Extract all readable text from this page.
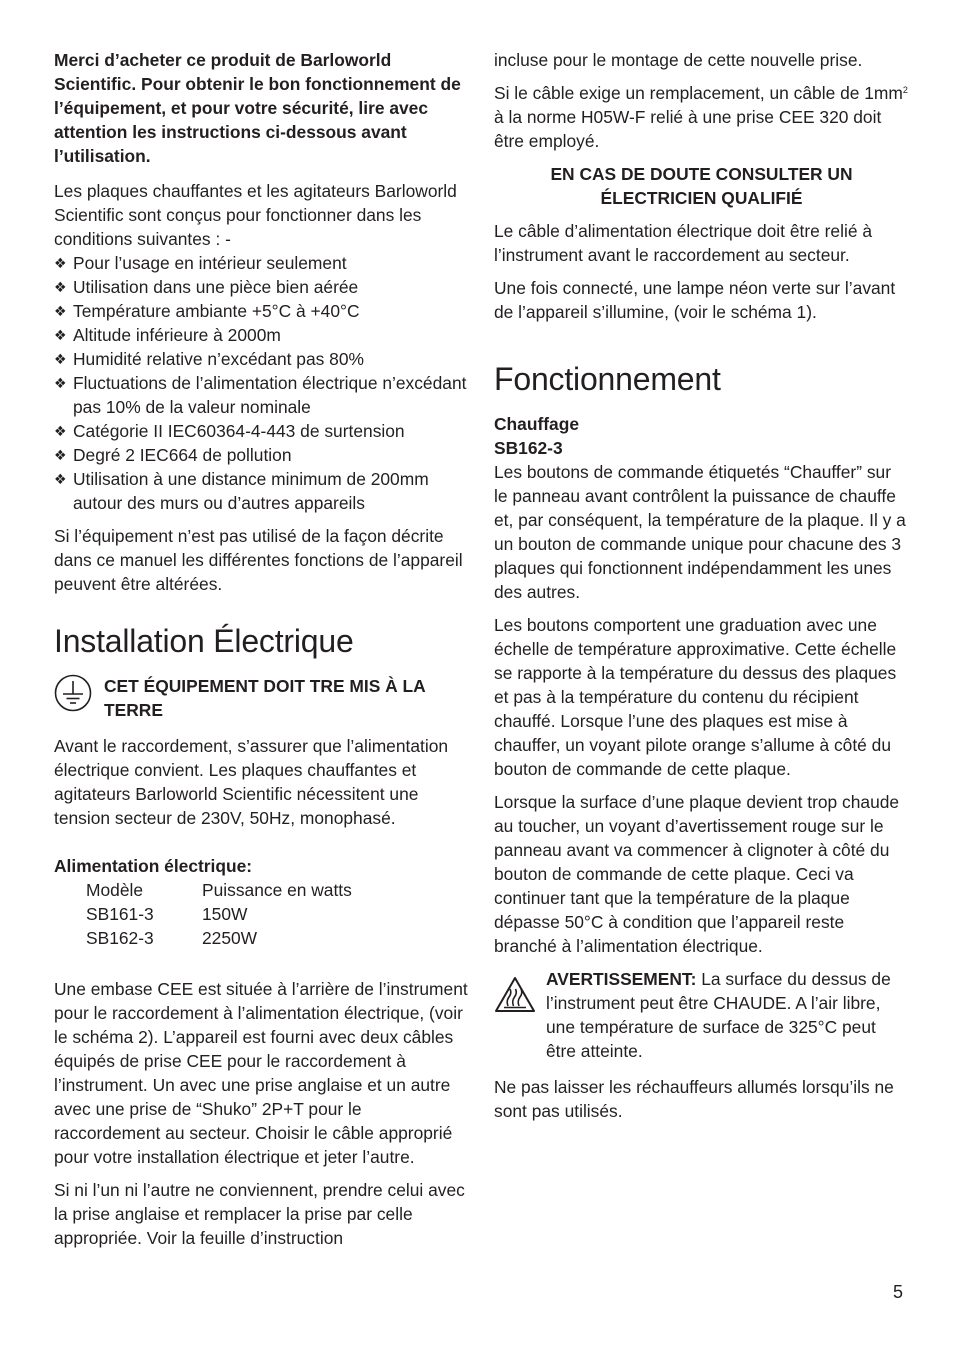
Merci d’acheter ce produit de Barloworld Scientific. Pour obtenir le bon fonctionnement de l’équipement, et pour votre sécurité, lire avec attention les instructions ci-dessous avant l’utilisation.

Les plaques chauffantes et les agitateurs Barloworld Scientific sont conçus pour fonctionner dans les conditions suivantes : -

❖ Pour l’usage en intérieur seulement
❖ Utilisation dans une pièce bien aérée
❖ Température ambiante +5°C à +40°C
❖ Altitude inférieure à 2000m
❖ Humidité relative n’excédant pas 80%
❖ Fluctuations de l’alimentation électrique n’excédant pas 10% de la valeur nominale
❖ Catégorie II IEC60364-4-443 de surtension
❖ Degré 2 IEC664 de pollution
❖ Utilisation à une distance minimum de 200mm autour des murs ou d’autres appareils

Si l’équipement n’est pas utilisé de la façon décrite dans ce manuel les différentes fonctions de l’appareil peuvent être altérées.

Installation Électrique
CET ÉQUIPEMENT DOIT TRE MIS À LA TERRE

Avant le raccordement, s’assurer que l’alimentation électrique convient. Les plaques chauffantes et agitateurs Barloworld Scientific nécessitent une tension secteur de 230V, 50Hz, monophasé.

Alimentation électrique:
Modèle	Puissance en watts
SB161-3	150W
SB162-3	2250W

Une embase CEE est située à l’arrière de l’instrument pour le raccordement à l’alimentation électrique, (voir le schéma 2). L’appareil est fourni avec deux câbles équipés de prise CEE pour le raccordement à l’instrument. Un avec une prise anglaise et un autre avec une prise de “Shuko” 2P+T pour le raccordement au secteur. Choisir le câble approprié pour votre installation électrique et jeter l’autre.

Si ni l’un ni l’autre ne conviennent, prendre celui avec la prise anglaise et remplacer la prise par celle appropriée. Voir la feuille d’instruction

incluse pour le montage de cette nouvelle prise.

Si le câble exige un remplacement, un câble de $1mm^2$ à la norme H05W-F relié à une prise CEE 320 doit être employé.

EN CAS DE DOUTE CONSULTER UN
ÉLECTRICIEN QUALIFIÉ

Le câble d’alimentation électrique doit être relié à l’instrument avant le raccordement au secteur.

Une fois connecté, une lampe néon verte sur l’avant de l’appareil s’illumine, (voir le schéma 1).

Fonctionnement
Chauffage
SB162-3

Les boutons de commande étiquetés “Chauffer” sur le panneau avant contrôlent la puissance de chauffe et, par conséquent, la température de la plaque. Il y a un bouton de commande unique pour chacune des 3 plaques qui fonctionnent indépendamment les unes des autres.

Les boutons comportent une graduation avec une échelle de température approximative. Cette échelle se rapporte à la température du dessus des plaques et pas à la température du contenu du récipient chauffé. Lorsque l’une des plaques est mise à chauffer, un voyant pilote orange s’allume à côté du bouton de commande de cette plaque.

Lorsque la surface d’une plaque devient trop chaude au toucher, un voyant d’avertissement rouge sur le panneau avant va commencer à clignoter à côté du bouton de commande de cette plaque. Ceci va continuer tant que la température de la plaque dépasse 50°C à condition que l’appareil reste branché à l’alimentation électrique.

AVERTISSEMENT: La surface du dessus de l’instrument peut être CHAUDE. A l’air libre, une température de surface de 325°C peut être atteinte.

Ne pas laisser les réchauffeurs allumés lorsqu’ils ne sont pas utilisés.

5
